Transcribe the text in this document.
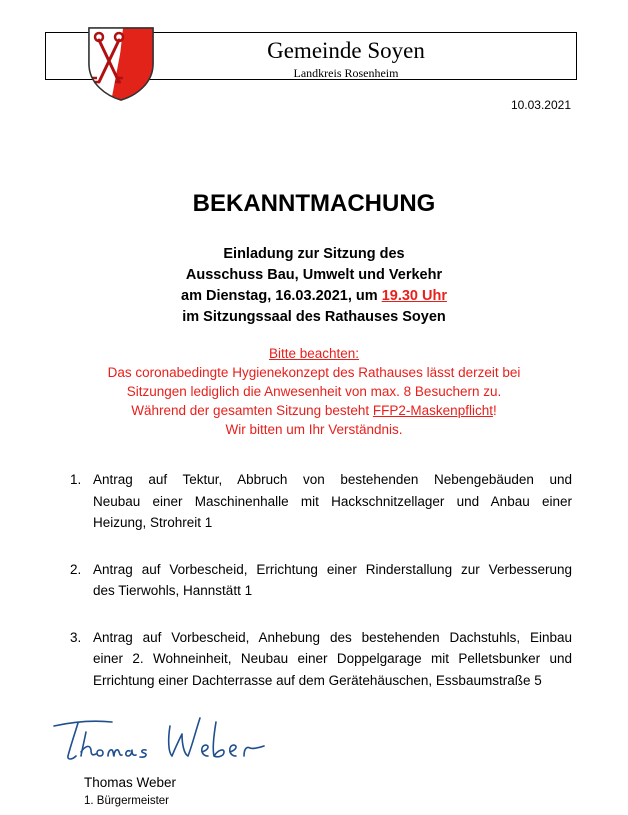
Gemeinde Soyen
Landkreis Rosenheim
10.03.2021
BEKANNTMACHUNG
Einladung zur Sitzung des
Ausschuss Bau, Umwelt und Verkehr
am Dienstag, 16.03.2021, um 19.30 Uhr
im Sitzungssaal des Rathauses Soyen
Bitte beachten:
Das coronabedingte Hygienekonzept des Rathauses lässt derzeit bei
Sitzungen lediglich die Anwesenheit von max. 8 Besuchern zu.
Während der gesamten Sitzung besteht FFP2-Maskenpflicht!
Wir bitten um Ihr Verständnis.
1. Antrag auf Tektur, Abbruch von bestehenden Nebengebäuden und
Neubau einer Maschinenhalle mit Hackschnitzellager und Anbau einer
Heizung, Strohreit 1
2. Antrag auf Vorbescheid, Errichtung einer Rinderstallung zur Verbesserung
des Tierwohls, Hannstätt 1
3. Antrag auf Vorbescheid, Anhebung des bestehenden Dachstuhls, Einbau
einer 2. Wohneinheit, Neubau einer Doppelgarage mit Pelletsbunker und
Errichtung einer Dachterrasse auf dem Gerätehäuschen, Essbaumstraße 5
Thomas Weber
1. Bürgermeister
